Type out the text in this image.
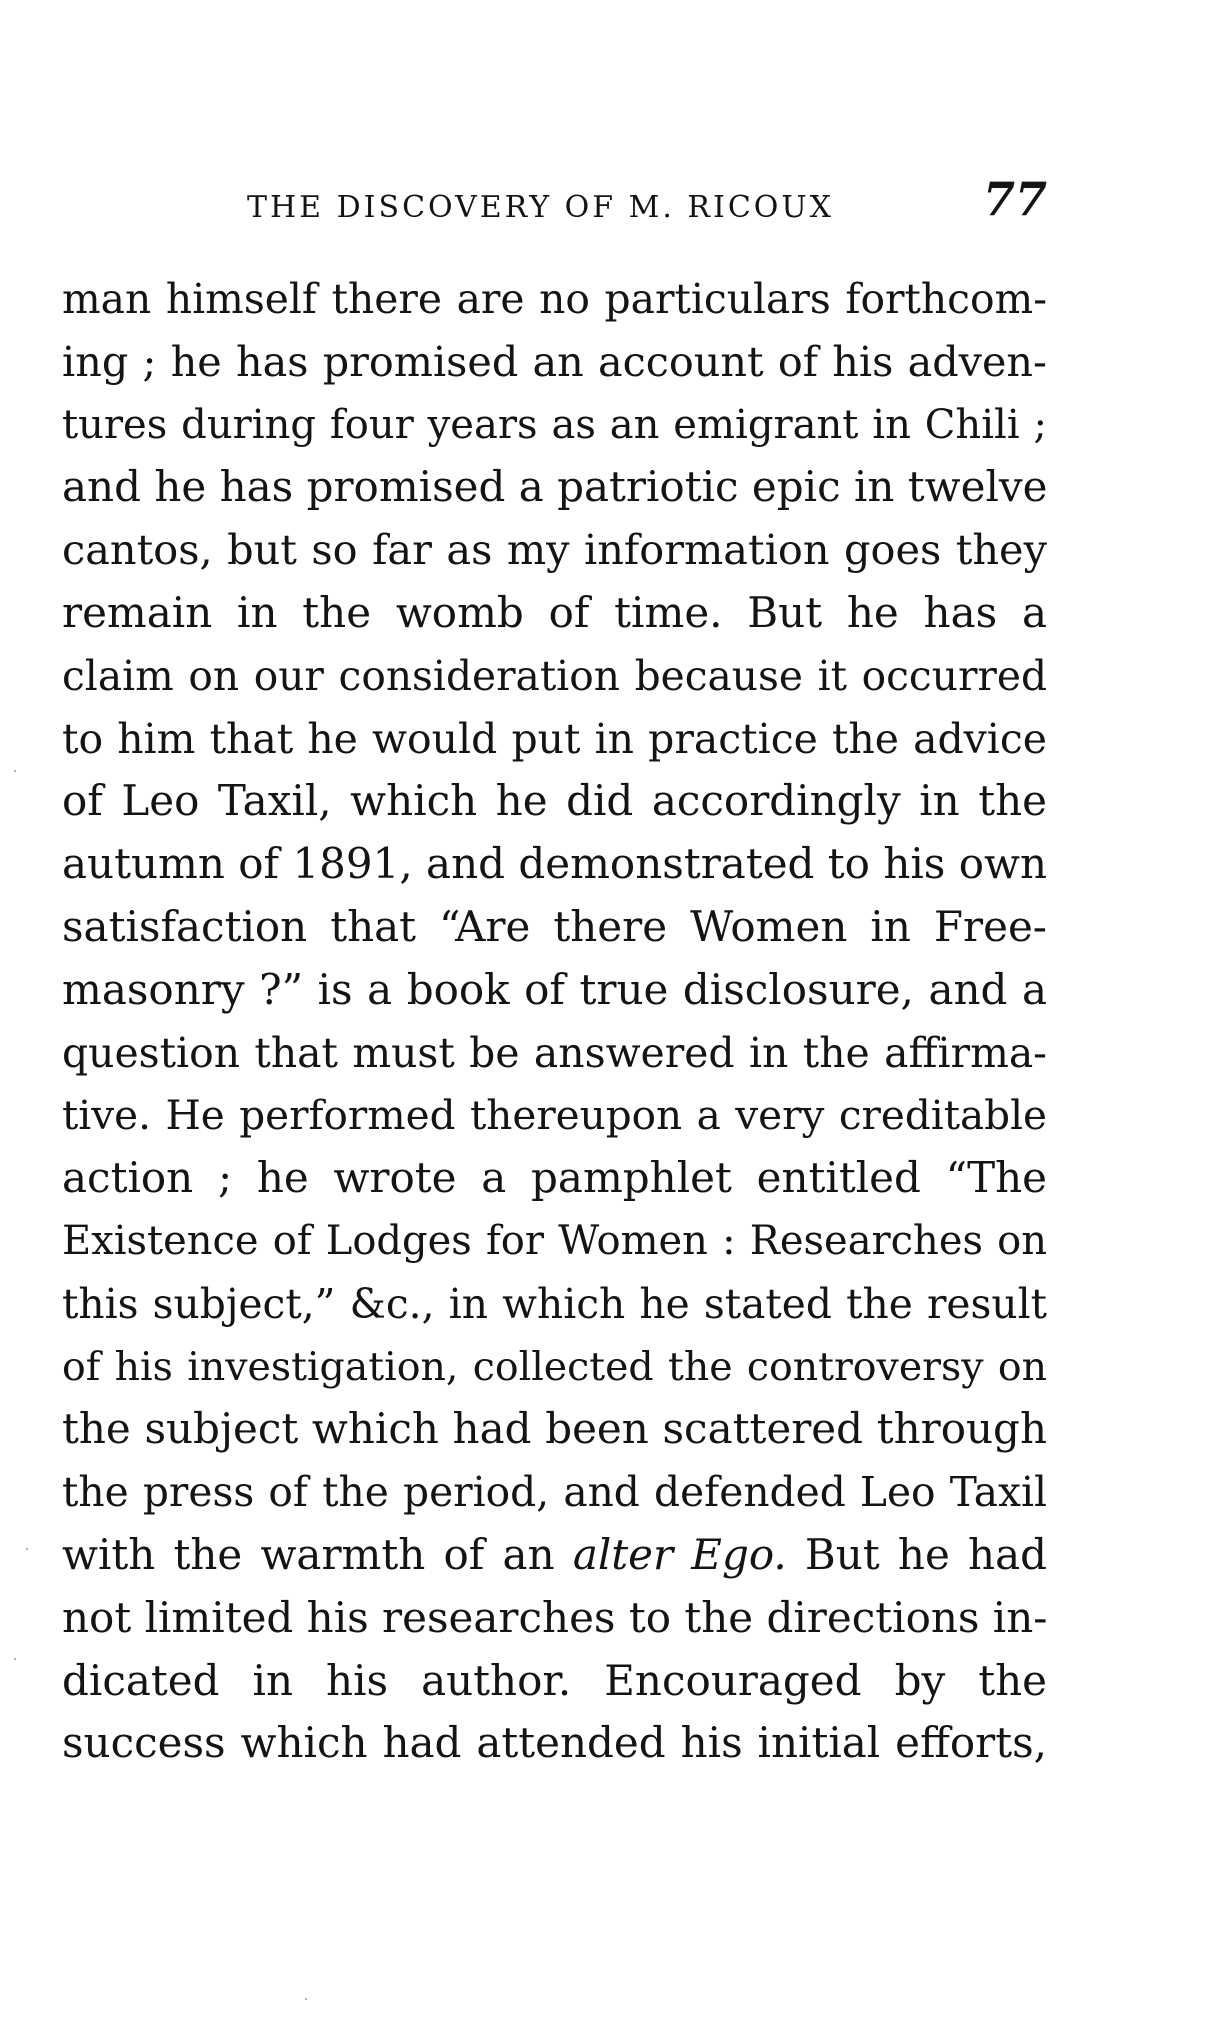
THE DISCOVERY OF M. RICOUX	77
man himself there are no particulars forthcom-
ing ; he has promised an account of his adven-
tures during four years as an emigrant in Chili ;
and he has promised a patriotic epic in twelve
cantos, but so far as my information goes they
remain in the womb of time. But he has a
claim on our consideration because it occurred
to him that he would put in practice the advice
of Leo Taxil, which he did accordingly in the
autumn of 1891, and demonstrated to his own
satisfaction that “Are there Women in Free-
masonry ?” is a book of true disclosure, and a
question that must be answered in the affirma-
tive. He performed thereupon a very creditable
action ; he wrote a pamphlet entitled “The
Existence of Lodges for Women : Researches on
this subject,” &c., in which he stated the result
of his investigation, collected the controversy on
the subject which had been scattered through
the press of the period, and defended Leo Taxil
with the warmth of an alter Ego. But he had
not limited his researches to the directions in-
dicated in his author. Encouraged by the
success which had attended his initial efforts,
